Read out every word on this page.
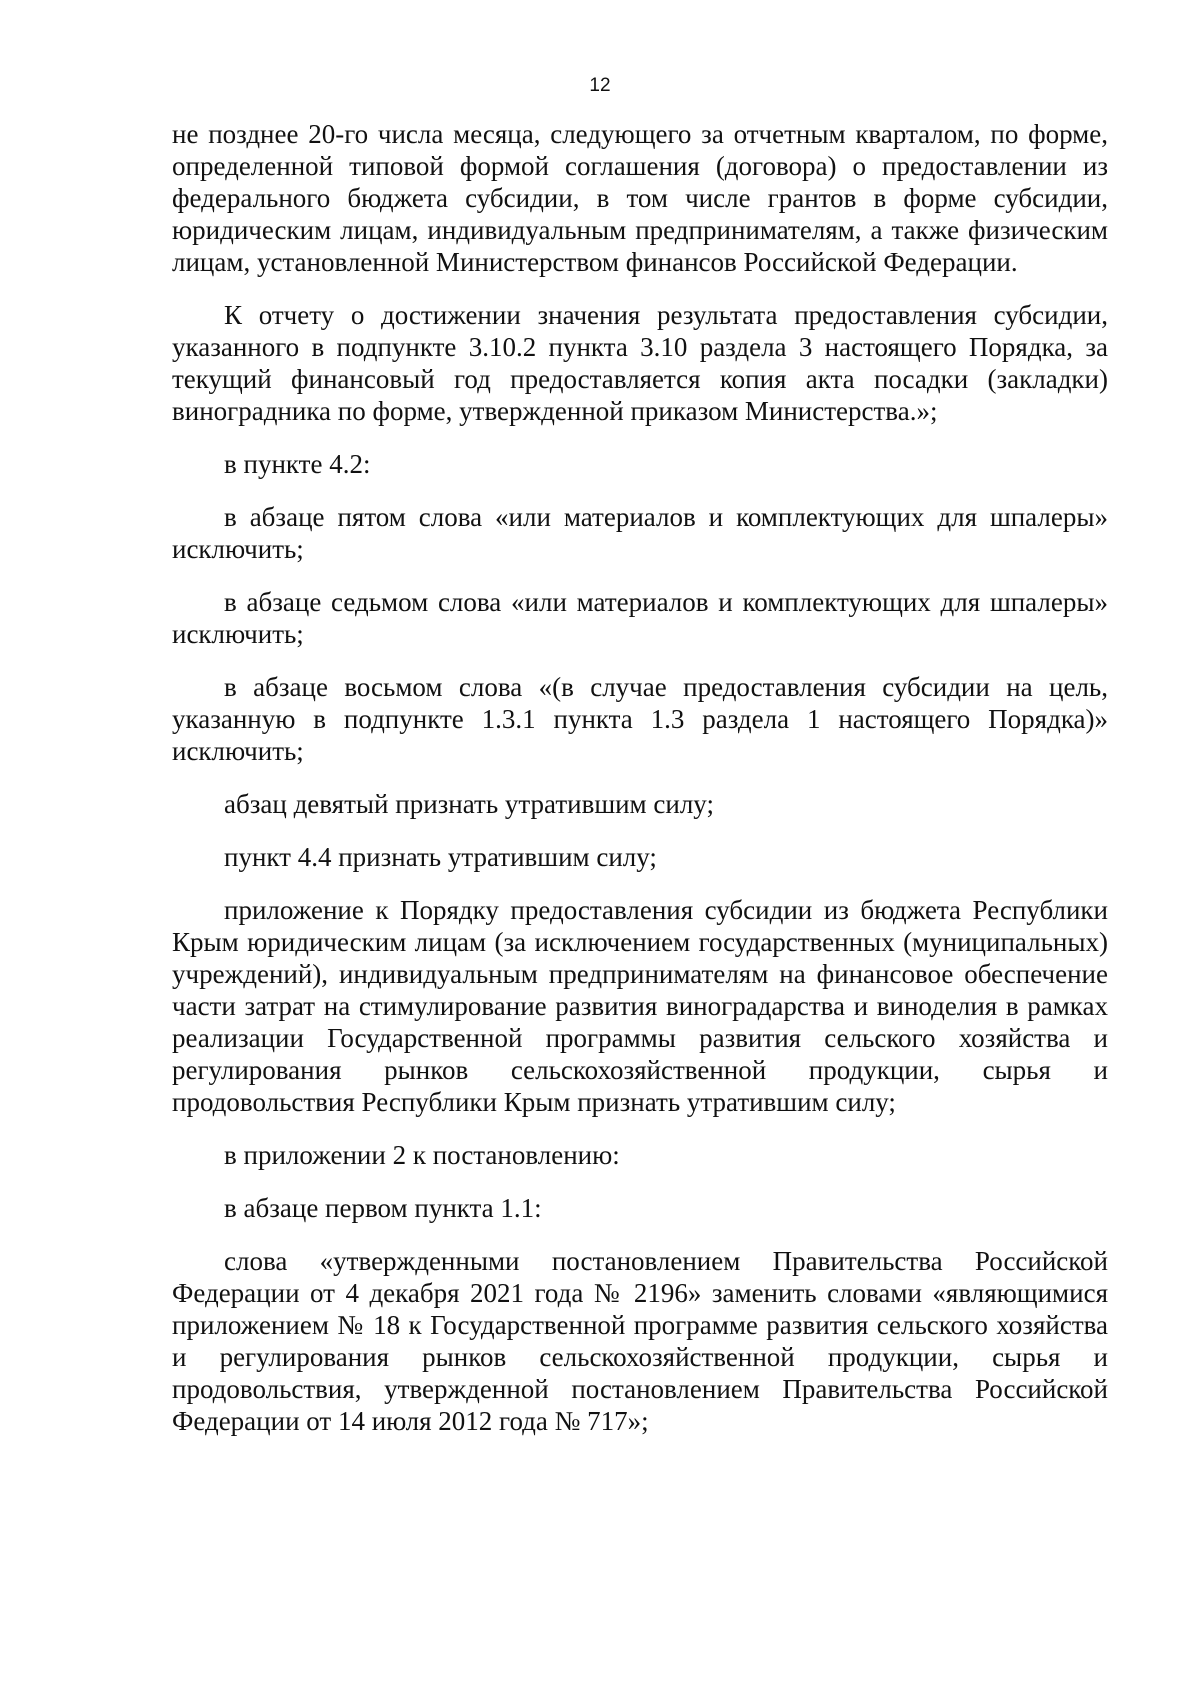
12

не позднее 20-го числа месяца, следующего за отчетным кварталом, по форме, определенной типовой формой соглашения (договора) о предоставлении из федерального бюджета субсидии, в том числе грантов в форме субсидии, юридическим лицам, индивидуальным предпринимателям, а также физическим лицам, установленной Министерством финансов Российской Федерации.

К отчету о достижении значения результата предоставления субсидии, указанного в подпункте 3.10.2 пункта 3.10 раздела 3 настоящего Порядка, за текущий финансовый год предоставляется копия акта посадки (закладки) виноградника по форме, утвержденной приказом Министерства.»;

в пункте 4.2:

в абзаце пятом слова «или материалов и комплектующих для шпалеры» исключить;

в абзаце седьмом слова «или материалов и комплектующих для шпалеры» исключить;

в абзаце восьмом слова «(в случае предоставления субсидии на цель, указанную в подпункте 1.3.1 пункта 1.3 раздела 1 настоящего Порядка)» исключить;

абзац девятый признать утратившим силу;

пункт 4.4 признать утратившим силу;

приложение к Порядку предоставления субсидии из бюджета Республики Крым юридическим лицам (за исключением государственных (муниципальных) учреждений), индивидуальным предпринимателям на финансовое обеспечение части затрат на стимулирование развития виноградарства и виноделия в рамках реализации Государственной программы развития сельского хозяйства и регулирования рынков сельскохозяйственной продукции, сырья и продовольствия Республики Крым признать утратившим силу;

в приложении 2 к постановлению:

в абзаце первом пункта 1.1:

слова «утвержденными постановлением Правительства Российской Федерации от 4 декабря 2021 года № 2196» заменить словами «являющимися приложением № 18 к Государственной программе развития сельского хозяйства и регулирования рынков сельскохозяйственной продукции, сырья и продовольствия, утвержденной постановлением Правительства Российской Федерации от 14 июля 2012 года № 717»;
